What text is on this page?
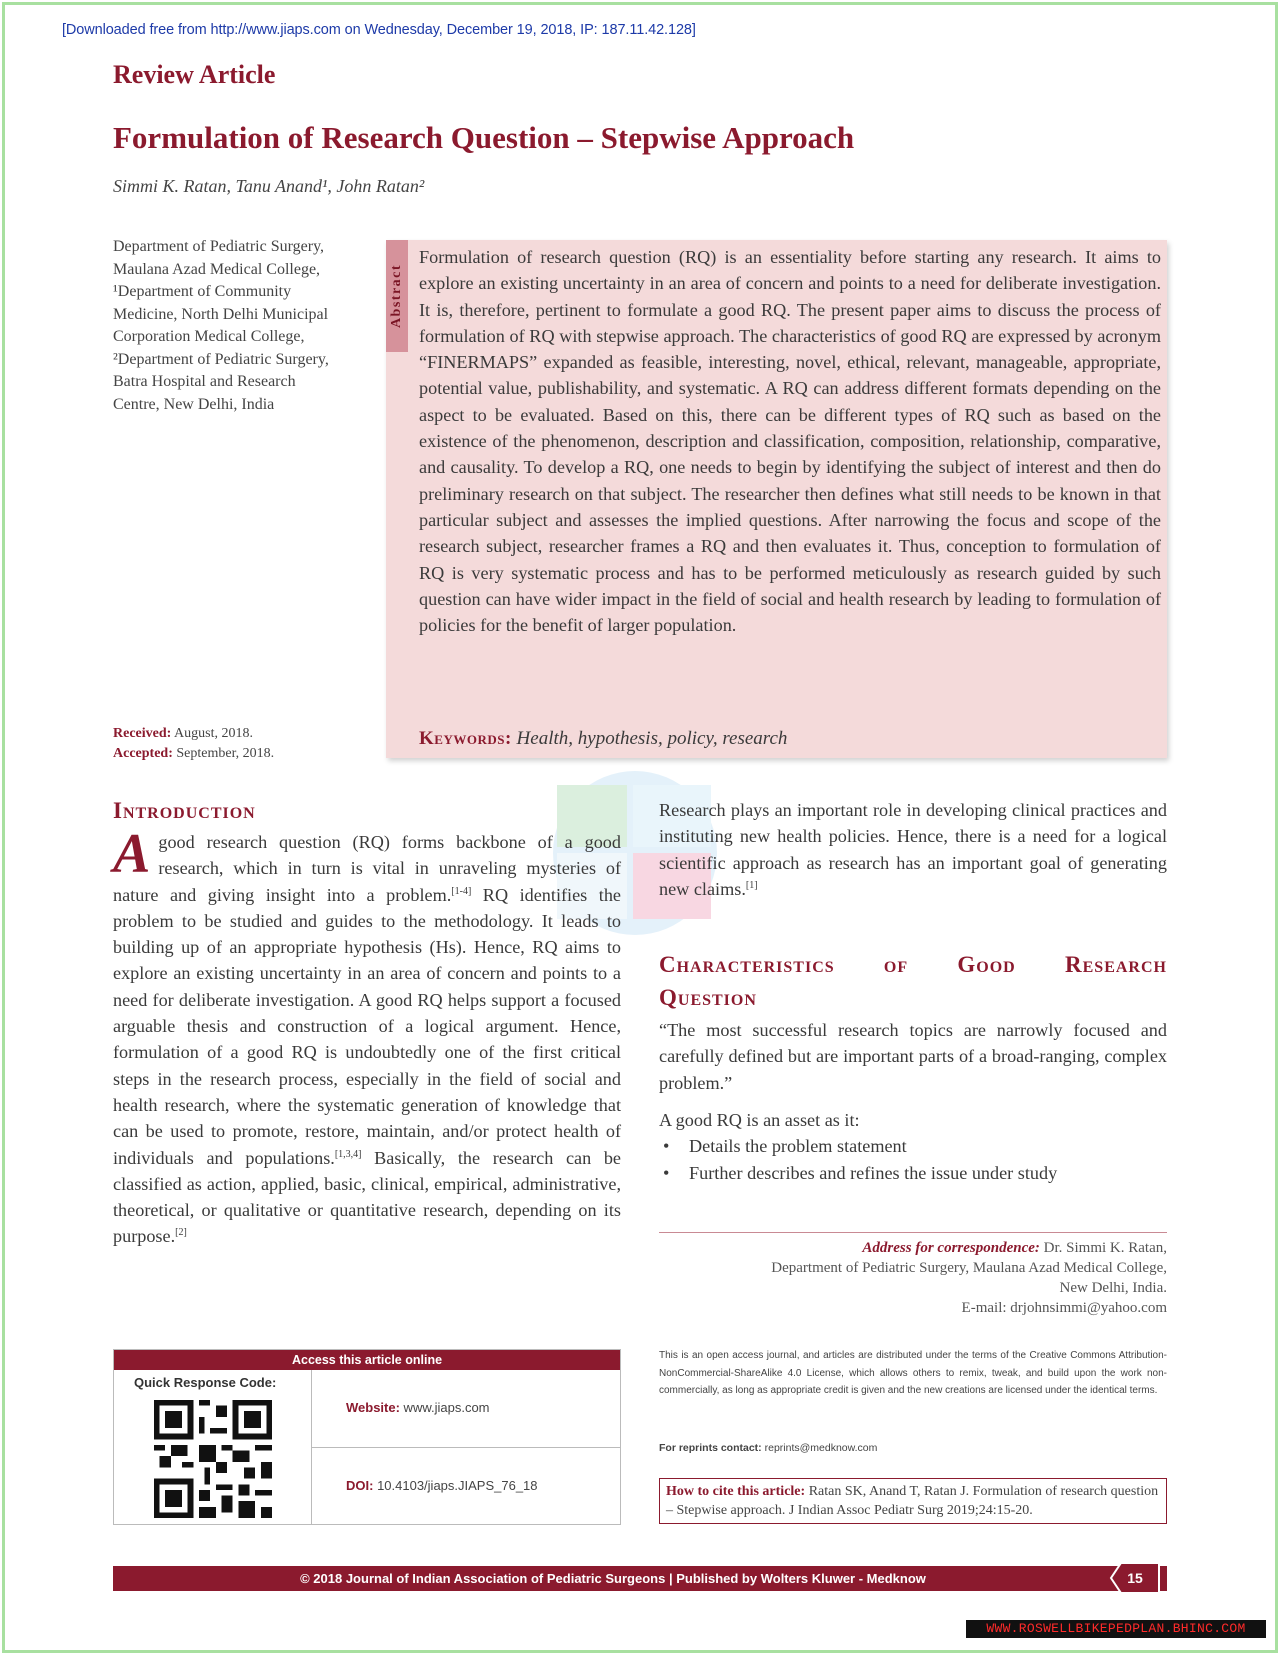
[Downloaded free from http://www.jiaps.com on Wednesday, December 19, 2018, IP: 187.11.42.128]
Review Article
Formulation of Research Question – Stepwise Approach
Simmi K. Ratan, Tanu Anand¹, John Ratan²
Department of Pediatric Surgery, Maulana Azad Medical College, ¹Department of Community Medicine, North Delhi Municipal Corporation Medical College, ²Department of Pediatric Surgery, Batra Hospital and Research Centre, New Delhi, India
Received: August, 2018.
Accepted: September, 2018.
Abstract

Formulation of research question (RQ) is an essentiality before starting any research. It aims to explore an existing uncertainty in an area of concern and points to a need for deliberate investigation. It is, therefore, pertinent to formulate a good RQ. The present paper aims to discuss the process of formulation of RQ with stepwise approach. The characteristics of good RQ are expressed by acronym “FINERMAPS” expanded as feasible, interesting, novel, ethical, relevant, manageable, appropriate, potential value, publishability, and systematic. A RQ can address different formats depending on the aspect to be evaluated. Based on this, there can be different types of RQ such as based on the existence of the phenomenon, description and classification, composition, relationship, comparative, and causality. To develop a RQ, one needs to begin by identifying the subject of interest and then do preliminary research on that subject. The researcher then defines what still needs to be known in that particular subject and assesses the implied questions. After narrowing the focus and scope of the research subject, researcher frames a RQ and then evaluates it. Thus, conception to formulation of RQ is very systematic process and has to be performed meticulously as research guided by such question can have wider impact in the field of social and health research by leading to formulation of policies for the benefit of larger population.

Keywords: Health, hypothesis, policy, research
Introduction
Agood research question (RQ) forms backbone of a good research, which in turn is vital in unraveling mysteries of nature and giving insight into a problem.[1-4] RQ identifies the problem to be studied and guides to the methodology. It leads to building up of an appropriate hypothesis (Hs). Hence, RQ aims to explore an existing uncertainty in an area of concern and points to a need for deliberate investigation. A good RQ helps support a focused arguable thesis and construction of a logical argument. Hence, formulation of a good RQ is undoubtedly one of the first critical steps in the research process, especially in the field of social and health research, where the systematic generation of knowledge that can be used to promote, restore, maintain, and/or protect health of individuals and populations.[1,3,4] Basically, the research can be classified as action, applied, basic, clinical, empirical, administrative, theoretical, or qualitative or quantitative research, depending on its purpose.[2]
Research plays an important role in developing clinical practices and instituting new health policies. Hence, there is a need for a logical scientific approach as research has an important goal of generating new claims.[1]
Characteristics of Good Research
Question

“The most successful research topics are narrowly focused and carefully defined but are important parts of a broad-ranging, complex problem.”

A good RQ is an asset as it:
• Details the problem statement
• Further describes and refines the issue under study
Address for correspondence: Dr. Simmi K. Ratan,
Department of Pediatric Surgery, Maulana Azad Medical College,
New Delhi, India.
E-mail: drjohnsimmi@yahoo.com

This is an open access journal, and articles are distributed under the terms of the Creative Commons Attribution-NonCommercial-ShareAlike 4.0 License, which allows others to remix, tweak, and build upon the work non-commercially, as long as appropriate credit is given and the new creations are licensed under the identical terms.

For reprints contact: reprints@medknow.com
How to cite this article: Ratan SK, Anand T, Ratan J. Formulation of research question – Stepwise approach. J Indian Assoc Pediatr Surg 2019;24:15-20.
Access this article online
Quick Response Code:
Website: www.jiaps.com
DOI: 10.4103/jiaps.JIAPS_76_18
© 2018 Journal of Indian Association of Pediatric Surgeons | Published by Wolters Kluwer - Medknow	15
WWW.ROSWELLBIKEPEDPLAN.BHINC.COM
